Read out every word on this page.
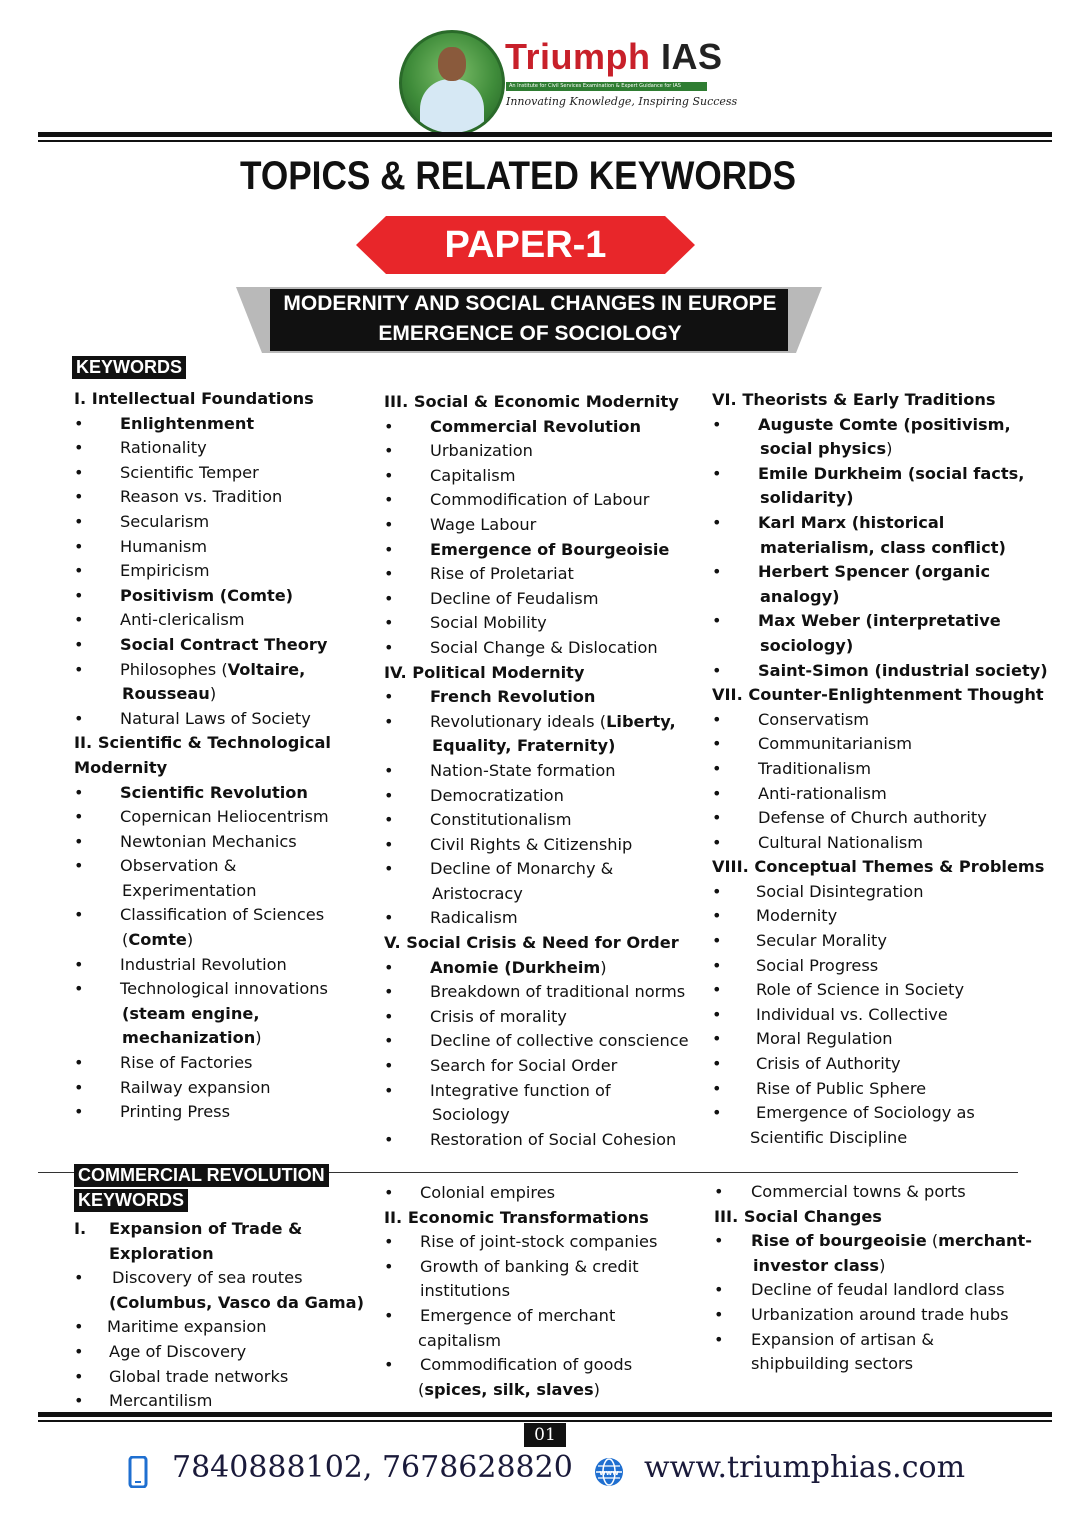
Triumph IAS
An Institute for Civil Services Examination & Expert Guidance for IAS
Innovating Knowledge, Inspiring Success
TOPICS & RELATED KEYWORDS
PAPER-1
MODERNITY AND SOCIAL CHANGES IN EUROPE
EMERGENCE OF SOCIOLOGY
KEYWORDS
I. Intellectual Foundations
• Enlightenment
• Rationality
• Scientific Temper
• Reason vs. Tradition
• Secularism
• Humanism
• Empiricism
• Positivism (Comte)
• Anti-clericalism
• Social Contract Theory
• Philosophes (Voltaire,
Rousseau)
• Natural Laws of Society
II. Scientific & Technological
Modernity
• Scientific Revolution
• Copernican Heliocentrism
• Newtonian Mechanics
• Observation &
Experimentation
• Classification of Sciences
(Comte)
• Industrial Revolution
• Technological innovations
(steam engine,
mechanization)
• Rise of Factories
• Railway expansion
• Printing Press
III. Social & Economic Modernity
• Commercial Revolution
• Urbanization
• Capitalism
• Commodification of Labour
• Wage Labour
• Emergence of Bourgeoisie
• Rise of Proletariat
• Decline of Feudalism
• Social Mobility
• Social Change & Dislocation
IV. Political Modernity
• French Revolution
• Revolutionary ideals (Liberty,
Equality, Fraternity)
• Nation-State formation
• Democratization
• Constitutionalism
• Civil Rights & Citizenship
• Decline of Monarchy &
Aristocracy
• Radicalism
V. Social Crisis & Need for Order
• Anomie (Durkheim)
• Breakdown of traditional norms
• Crisis of morality
• Decline of collective conscience
• Search for Social Order
• Integrative function of
Sociology
• Restoration of Social Cohesion
VI. Theorists & Early Traditions
• Auguste Comte (positivism,
social physics)
• Emile Durkheim (social facts,
solidarity)
• Karl Marx (historical
materialism, class conflict)
• Herbert Spencer (organic
analogy)
• Max Weber (interpretative
sociology)
• Saint-Simon (industrial society)
VII. Counter-Enlightenment Thought
• Conservatism
• Communitarianism
• Traditionalism
• Anti-rationalism
• Defense of Church authority
• Cultural Nationalism
VIII. Conceptual Themes & Problems
• Social Disintegration
• Modernity
• Secular Morality
• Social Progress
• Role of Science in Society
• Individual vs. Collective
• Moral Regulation
• Crisis of Authority
• Rise of Public Sphere
• Emergence of Sociology as
Scientific Discipline
COMMERCIAL REVOLUTION
KEYWORDS
I. Expansion of Trade &
Exploration
• Discovery of sea routes
(Columbus, Vasco da Gama)
• Maritime expansion
• Age of Discovery
• Global trade networks
• Mercantilism
• Colonial empires
II. Economic Transformations
• Rise of joint-stock companies
• Growth of banking & credit
institutions
• Emergence of merchant
capitalism
• Commodification of goods
(spices, silk, slaves)
• Commercial towns & ports
III. Social Changes
• Rise of bourgeoisie (merchant-
investor class)
• Decline of feudal landlord class
• Urbanization around trade hubs
• Expansion of artisan &
shipbuilding sectors
01
7840888102, 7678628820	www www.triumphias.com
